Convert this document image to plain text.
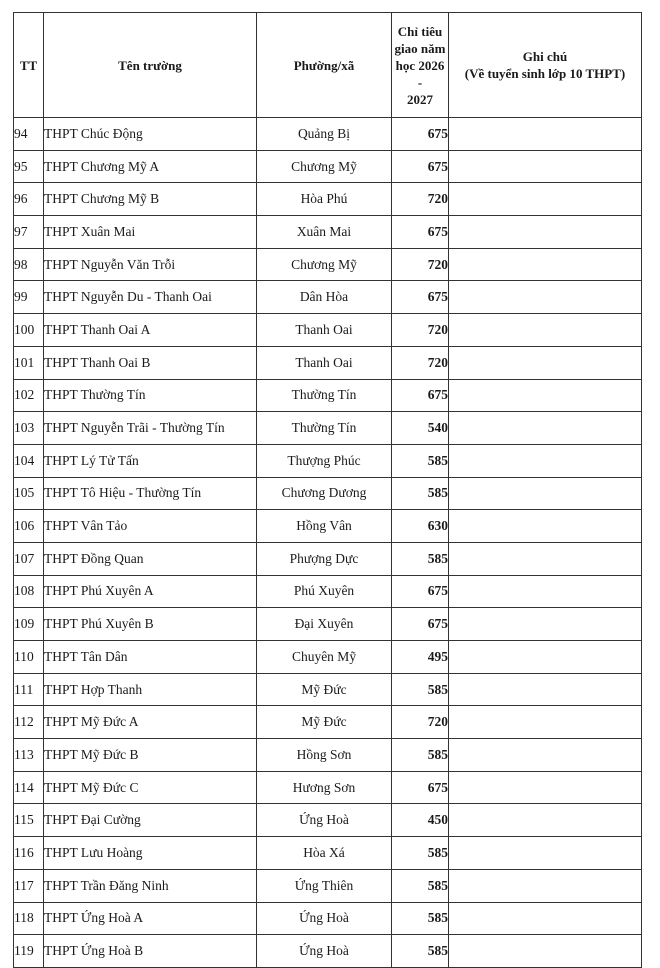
TT	Tên trường	Phường/xã	Chỉ tiêu
giao năm
học 2026 -
2027	Ghi chú
(Về tuyển sinh lớp 10 THPT)

94	THPT Chúc Động	Quảng Bị	675	
95	THPT Chương Mỹ A	Chương Mỹ	675	
96	THPT Chương Mỹ B	Hòa Phú	720	
97	THPT Xuân Mai	Xuân Mai	675	
98	THPT Nguyễn Văn Trỗi	Chương Mỹ	720	
99	THPT Nguyễn Du - Thanh Oai	Dân Hòa	675	
100	THPT Thanh Oai A	Thanh Oai	720	
101	THPT Thanh Oai B	Thanh Oai	720	
102	THPT Thường Tín	Thường Tín	675	
103	THPT Nguyễn Trãi - Thường Tín	Thường Tín	540	
104	THPT Lý Tử Tấn	Thượng Phúc	585	
105	THPT Tô Hiệu - Thường Tín	Chương Dương	585	
106	THPT Vân Tảo	Hồng Vân	630	
107	THPT Đồng Quan	Phượng Dực	585	
108	THPT Phú Xuyên A	Phú Xuyên	675	
109	THPT Phú Xuyên B	Đại Xuyên	675	
110	THPT Tân Dân	Chuyên Mỹ	495	
111	THPT Hợp Thanh	Mỹ Đức	585	
112	THPT Mỹ Đức A	Mỹ Đức	720	
113	THPT Mỹ Đức B	Hồng Sơn	585	
114	THPT Mỹ Đức C	Hương Sơn	675	
115	THPT Đại Cường	Ứng Hoà	450	
116	THPT Lưu Hoàng	Hòa Xá	585	
117	THPT Trần Đăng Ninh	Ứng Thiên	585	
118	THPT Ứng Hoà A	Ứng Hoà	585	
119	THPT Ứng Hoà B	Ứng Hoà	585	
